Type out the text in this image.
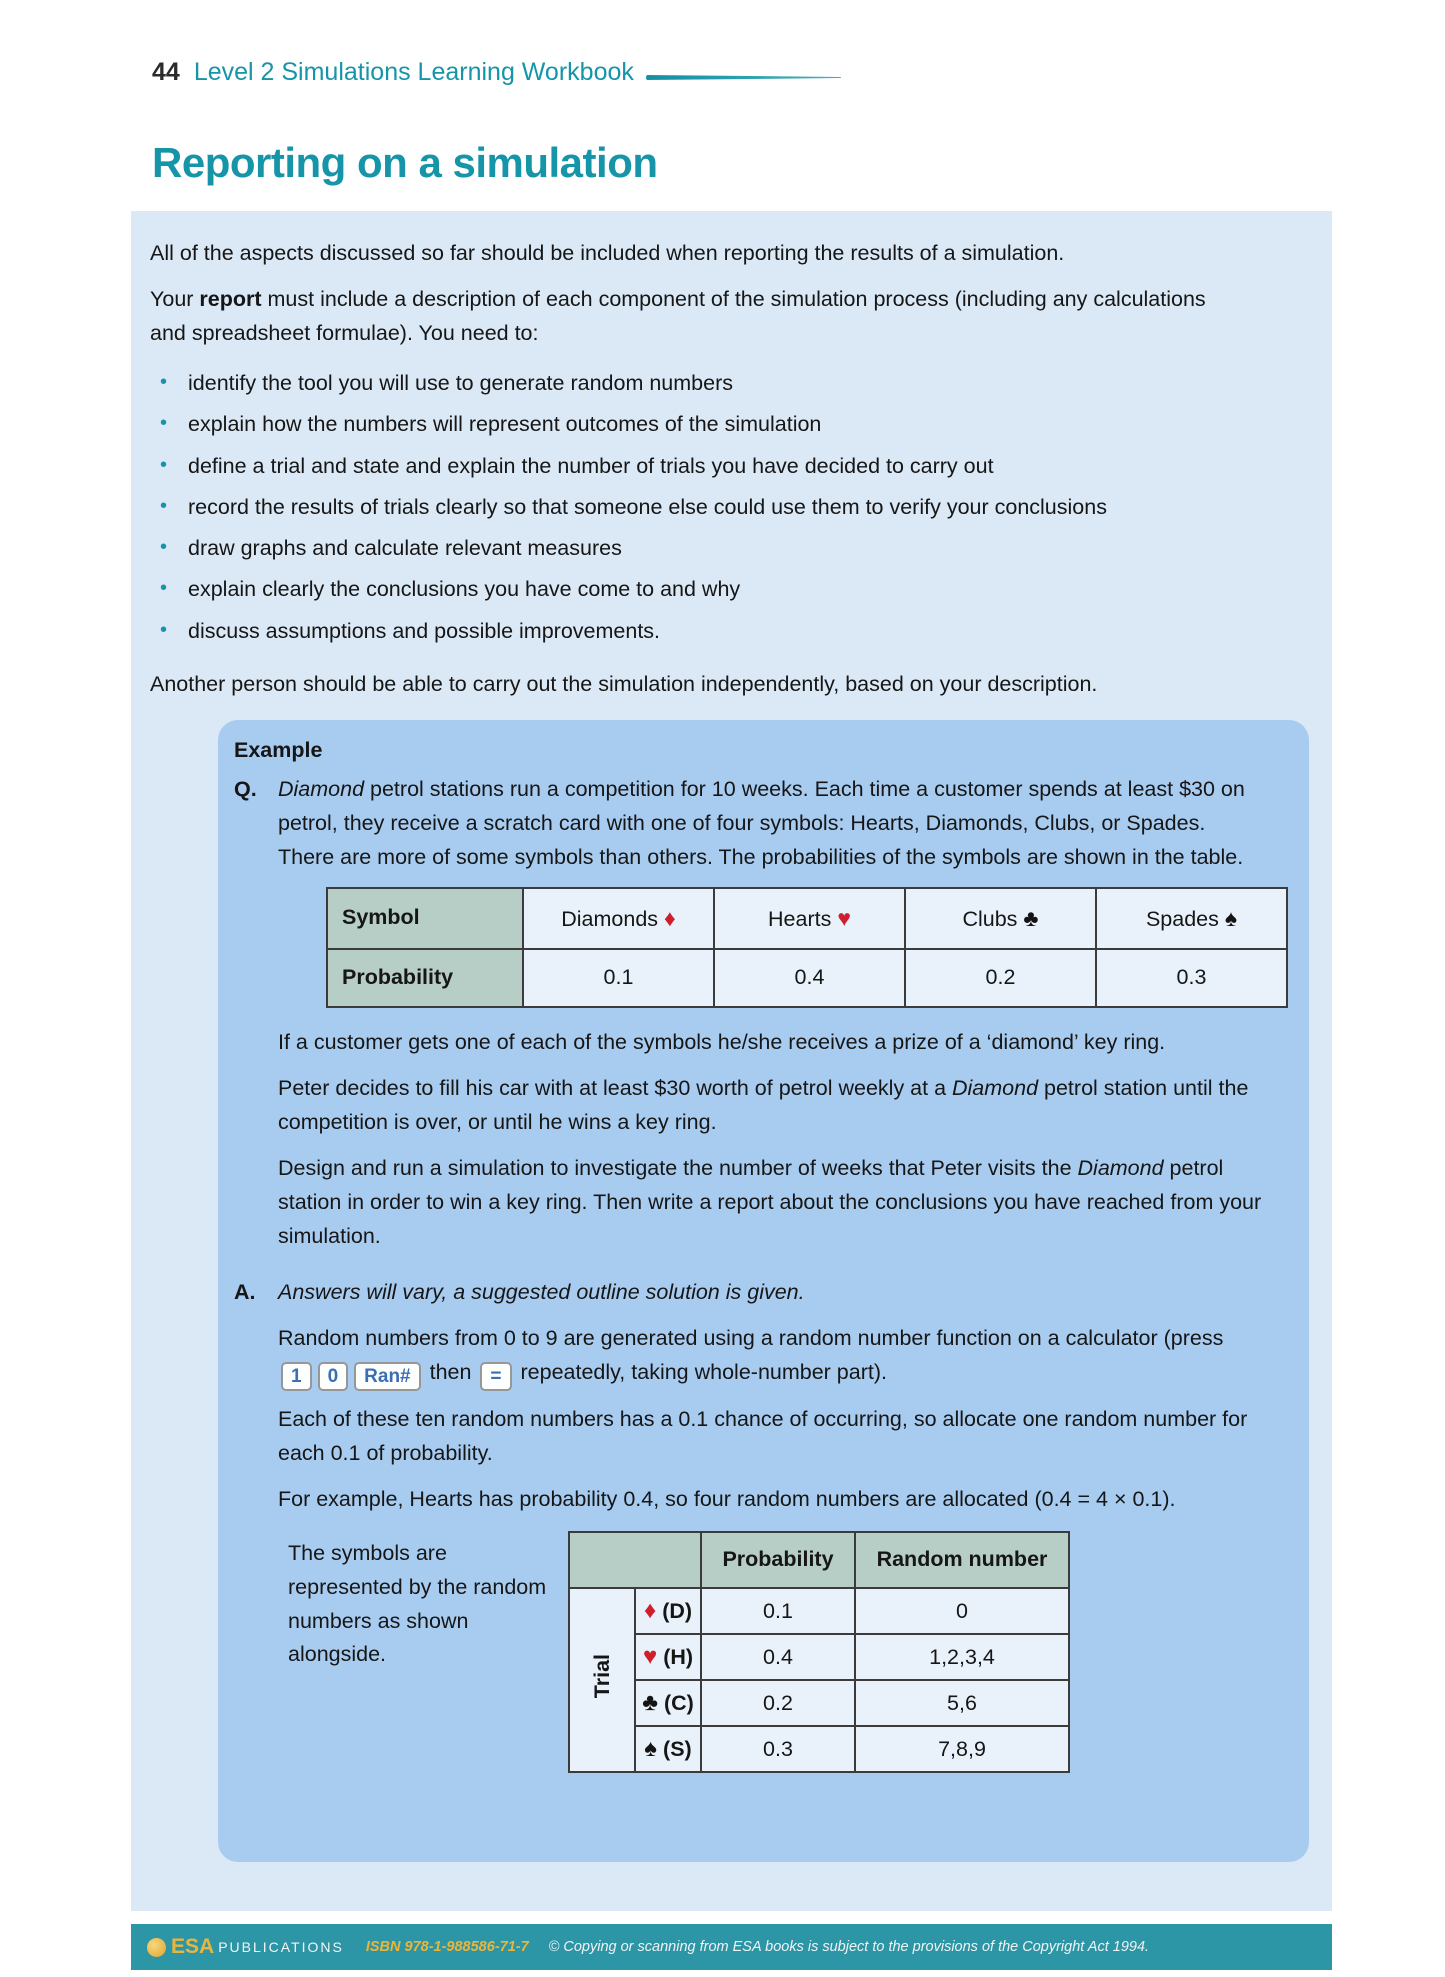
44 Level 2 Simulations Learning Workbook
Reporting on a simulation

All of the aspects discussed so far should be included when reporting the results of a simulation.

Your report must include a description of each component of the simulation process (including any calculations and spreadsheet formulae). You need to:

• identify the tool you will use to generate random numbers
• explain how the numbers will represent outcomes of the simulation
• define a trial and state and explain the number of trials you have decided to carry out
• record the results of trials clearly so that someone else could use them to verify your conclusions
• draw graphs and calculate relevant measures
• explain clearly the conclusions you have come to and why
• discuss assumptions and possible improvements.

Another person should be able to carry out the simulation independently, based on your description.

Example
Q. Diamond petrol stations run a competition for 10 weeks. Each time a customer spends at least $30 on petrol, they receive a scratch card with one of four symbols: Hearts, Diamonds, Clubs, or Spades. There are more of some symbols than others. The probabilities of the symbols are shown in the table.

Symbol	Diamonds ♦	Hearts ♥	Clubs ♣	Spades ♠
Probability	0.1	0.4	0.2	0.3

If a customer gets one of each of the symbols he/she receives a prize of a ‘diamond’ key ring.

Peter decides to fill his car with at least $30 worth of petrol weekly at a Diamond petrol station until the competition is over, or until he wins a key ring.

Design and run a simulation to investigate the number of weeks that Peter visits the Diamond petrol station in order to win a key ring. Then write a report about the conclusions you have reached from your simulation.

A.	Answers will vary, a suggested outline solution is given.

Random numbers from 0 to 9 are generated using a random number function on a calculator (press 1 0 Ran# then = repeatedly, taking whole-number part).

Each of these ten random numbers has a 0.1 chance of occurring, so allocate one random number for each 0.1 of probability.

For example, Hearts has probability 0.4, so four random numbers are allocated (0.4 = 4 × 0.1).

The symbols are represented by the random numbers as shown alongside.
		Probability	Random number
Trial	♦ (D)	0.1	0
	♥ (H)	0.4	1,2,3,4
	♣ (C)	0.2	5,6
	♠ (S)	0.3	7,8,9
ESA PUBLICATIONS ISBN 978-1-988586-71-7 © Copying or scanning from ESA books is subject to the provisions of the Copyright Act 1994.
